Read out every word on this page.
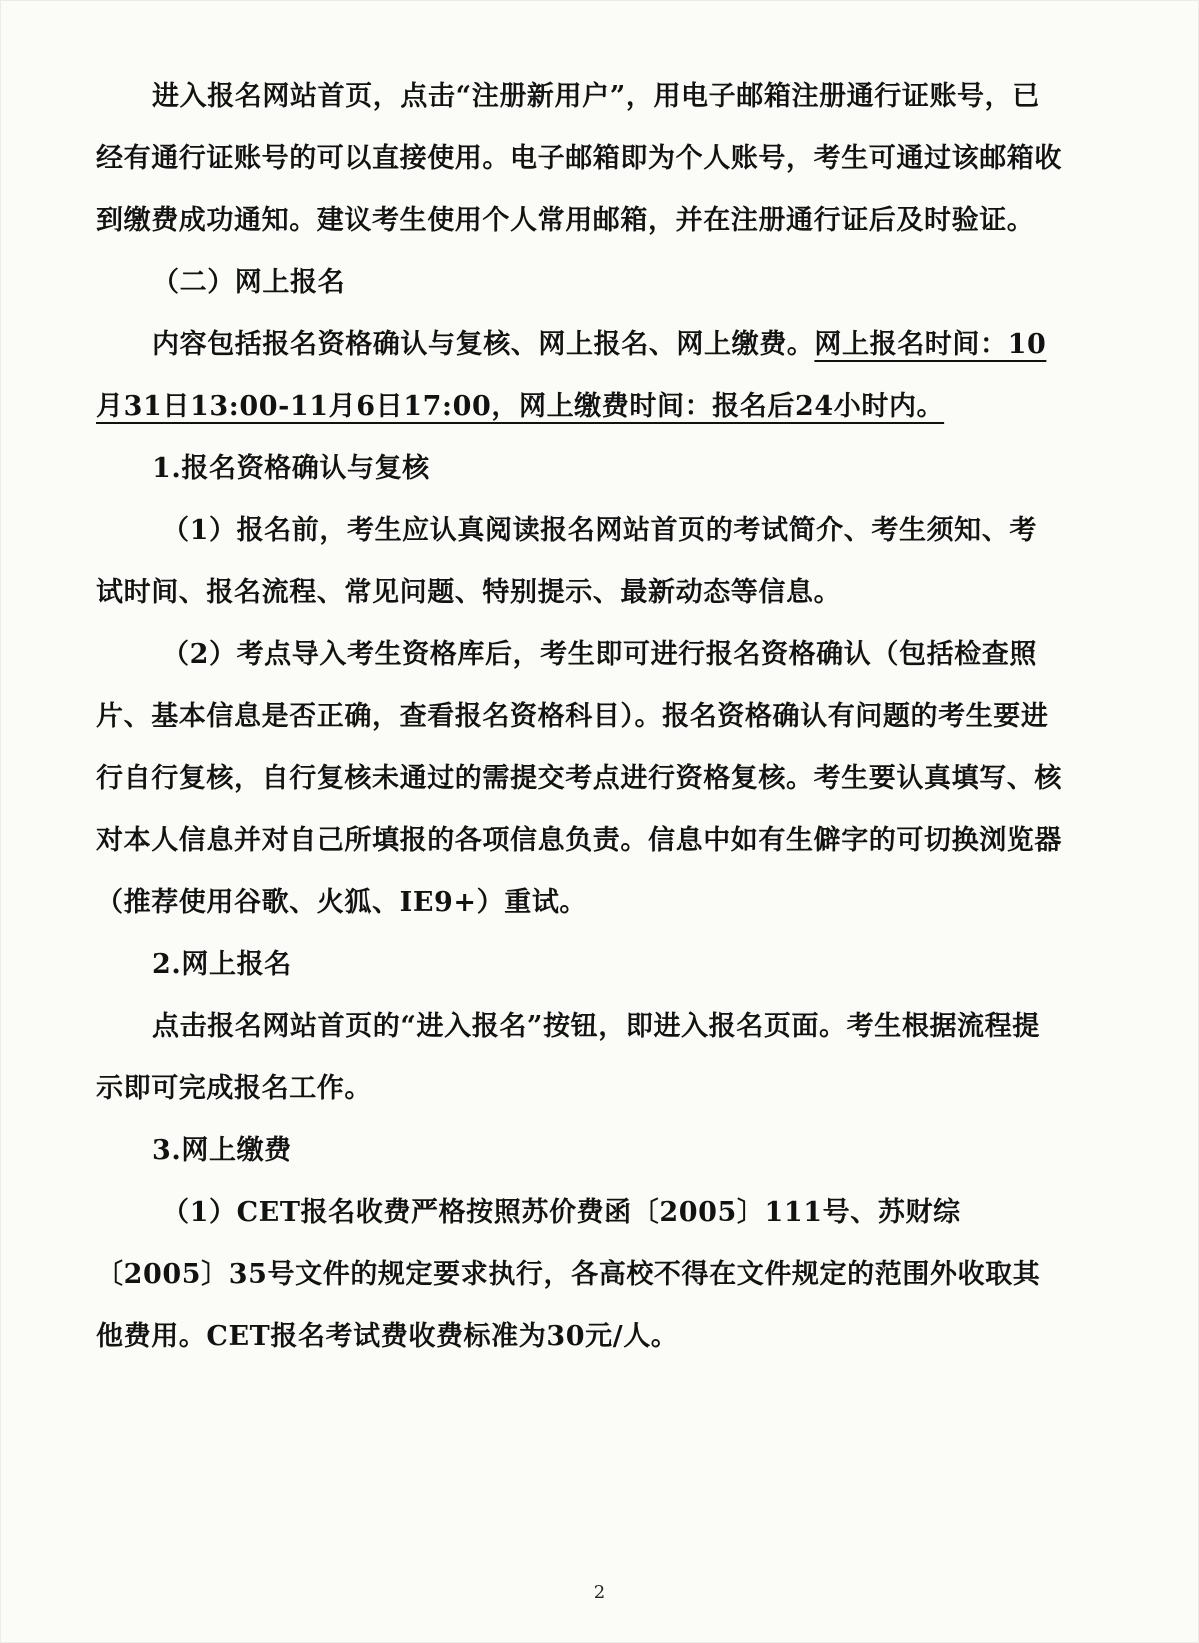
进入报名网站首页，点击“注册新用户”，用电子邮箱注册通行证账号，已经有通行证账号的可以直接使用。电子邮箱即为个人账号，考生可通过该邮箱收到缴费成功通知。建议考生使用个人常用邮箱，并在注册通行证后及时验证。

（二）网上报名

内容包括报名资格确认与复核、网上报名、网上缴费。网上报名时间：10月31日13:00-11月6日17:00，网上缴费时间：报名后24小时内。

1.报名资格确认与复核

（1）报名前，考生应认真阅读报名网站首页的考试简介、考生须知、考试时间、报名流程、常见问题、特别提示、最新动态等信息。

（2）考点导入考生资格库后，考生即可进行报名资格确认（包括检查照片、基本信息是否正确，查看报名资格科目）。报名资格确认有问题的考生要进行自行复核，自行复核未通过的需提交考点进行资格复核。考生要认真填写、核对本人信息并对自己所填报的各项信息负责。信息中如有生僻字的可切换浏览器（推荐使用谷歌、火狐、IE9+）重试。

2.网上报名

点击报名网站首页的“进入报名”按钮，即进入报名页面。考生根据流程提示即可完成报名工作。

3.网上缴费

（1）CET报名收费严格按照苏价费函〔2005〕111号、苏财综〔2005〕35号文件的规定要求执行，各高校不得在文件规定的范围外收取其他费用。CET报名考试费收费标准为30元/人。

2
